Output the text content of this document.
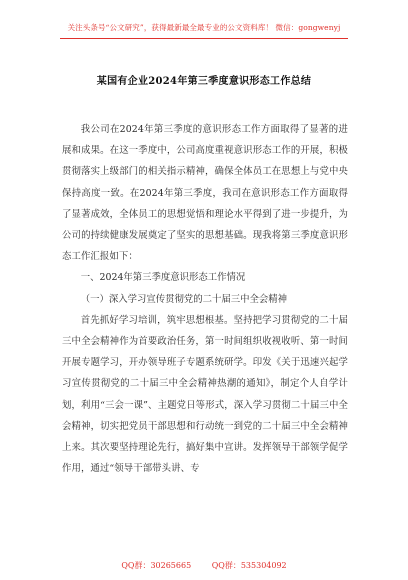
关注头条号“公文研究”，获得最新最全最专业的公文资料库！ 微信：gongwenyj
某国有企业2024年第三季度意识形态工作总结

我公司在2024年第三季度的意识形态工作方面取得了显著的进展和成果。在这一季度中，公司高度重视意识形态工作的开展，积极贯彻落实上级部门的相关指示精神，确保全体员工在思想上与党中央保持高度一致。在2024年第三季度，我司在意识形态工作方面取得了显著成效，全体员工的思想觉悟和理论水平得到了进一步提升，为公司的持续健康发展奠定了坚实的思想基础。现我将第三季度意识形态工作汇报如下：

一、2024年第三季度意识形态工作情况

（一）深入学习宣传贯彻党的二十届三中全会精神

首先抓好学习培训，筑牢思想根基。坚持把学习贯彻党的二十届三中全会精神作为首要政治任务，第一时间组织收视收听、第一时间开展专题学习，开办领导班子专题系统研学。印发《关于迅速兴起学习宣传贯彻党的二十届三中全会精神热潮的通知》，制定个人自学计划，利用“三会一课”、主题党日等形式，深入学习贯彻二十届三中全会精神，切实把党员干部思想和行动统一到党的二十届三中全会精神上来。其次要坚持理论先行，搞好集中宣讲。发挥领导干部领学促学作用，通过“领导干部带头讲、专

QQ群：30265665	QQ群：535304092
